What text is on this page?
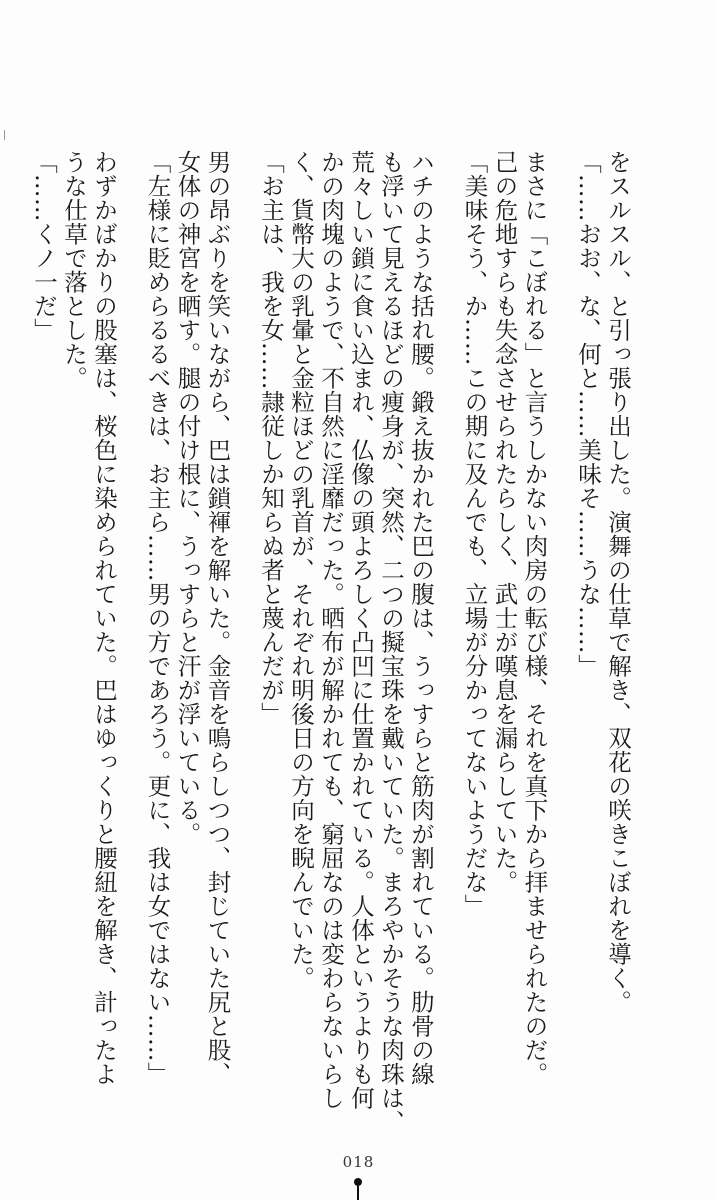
をスルスル、と引っ張り出した。演舞の仕草で解き、双花の咲きこぼれを導く。
「……おお、な、何と……美味そ……うな……」
まさに「こぼれる」と言うしかない肉房の転び様、それを真下から拝ませられたのだ。
己の危地すらも失念させられたらしく、武士が嘆息を漏らしていた。
「美味そう、か……この期に及んでも、立場が分かってないようだな」
ハチのような括れ腰。鍛え抜かれた巴の腹は、うっすらと筋肉が割れている。肋骨の線
も浮いて見えるほどの痩身が、突然、二つの擬宝珠を戴いていた。まろやかそうな肉珠は、
荒々しい鎖に食い込まれ、仏像の頭よろしく凸凹に仕置かれている。人体というよりも何
かの肉塊のようで、不自然に淫靡だった。晒布が解かれても、窮屈なのは変わらないらし
く、貨幣大の乳暈と金粒ほどの乳首が、それぞれ明後日の方向を睨んでいた。
「お主は、我を女……隷従しか知らぬ者と蔑んだが」
男の昂ぶりを笑いながら、巴は鎖褌を解いた。金音を鳴らしつつ、封じていた尻と股、
女体の神宮を晒す。腿の付け根に、うっすらと汗が浮いている。
「左様に貶めらるるべきは、お主ら……男の方であろう。更に、我は女ではない……」
わずかばかりの股塞は、桜色に染められていた。巴はゆっくりと腰紐を解き、計ったよ
うな仕草で落とした。
「……くノ一だ」
018
